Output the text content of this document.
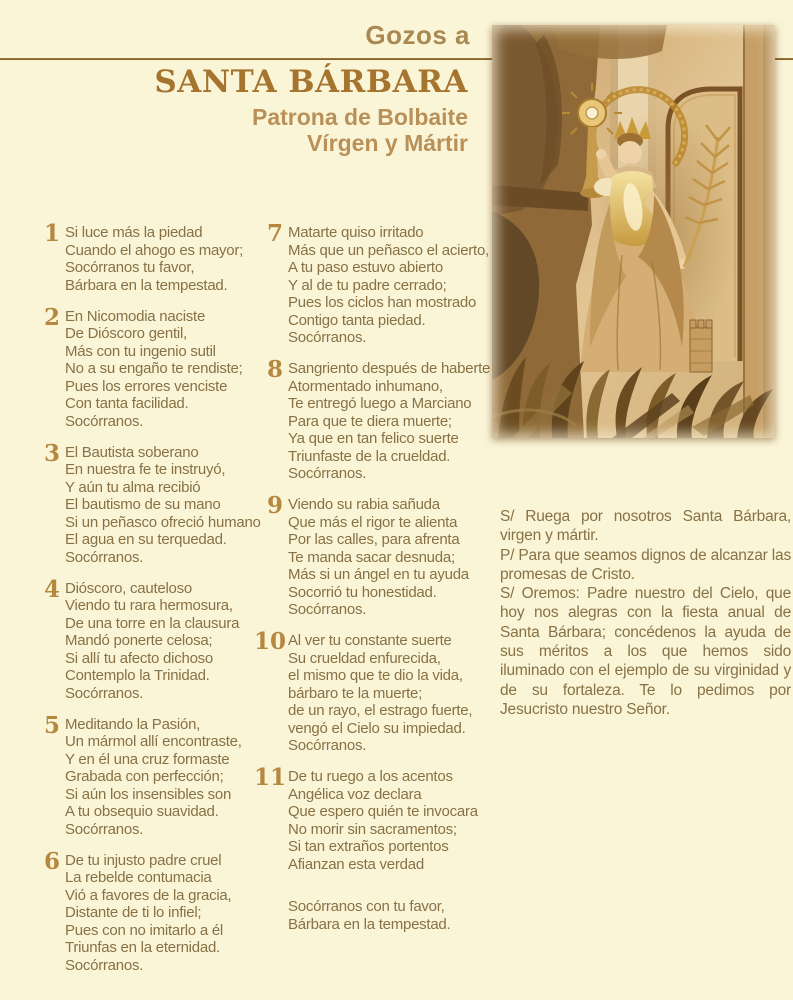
Gozos a
SANTA BÁRBARA
Patrona de Bolbaite
Vírgen y Mártir
1 Si luce más la piedad
Cuando el ahogo es mayor;
Socórranos tu favor,
Bárbara en la tempestad.
2 En Nicomodia naciste
De Dióscoro gentil,
Más con tu ingenio sutil
No a su engaño te rendiste;
Pues los errores venciste
Con tanta facilidad.
Socórranos.
3 El Bautista soberano
En nuestra fe te instruyó,
Y aún tu alma recibió
El bautismo de su mano
Si un peñasco ofreció humano
El agua en su terquedad.
Socórranos.
4 Dióscoro, cauteloso
Viendo tu rara hermosura,
De una torre en la clausura
Mandó ponerte celosa;
Si allí tu afecto dichoso
Contemplo la Trinidad.
Socórranos.
5 Meditando la Pasión,
Un mármol allí encontraste,
Y en él una cruz formaste
Grabada con perfección;
Si aún los insensibles son
A tu obsequio suavidad.
Socórranos.
6 De tu injusto padre cruel
La rebelde contumacia
Vió a favores de la gracia,
Distante de ti lo infiel;
Pues con no imitarlo a él
Triunfas en la eternidad.
Socórranos.
7 Matarte quiso irritado
Más que un peñasco el acierto,
A tu paso estuvo abierto
Y al de tu padre cerrado;
Pues los ciclos han mostrado
Contigo tanta piedad.
Socórranos.
8 Sangriento después de haberte
Atormentado inhumano,
Te entregó luego a Marciano
Para que te diera muerte;
Ya que en tan felico suerte
Triunfaste de la crueldad.
Socórranos.
9 Viendo su rabia sañuda
Que más el rigor te alienta
Por las calles, para afrenta
Te manda sacar desnuda;
Más si un ángel en tu ayuda
Socorrió tu honestidad.
Socórranos.
10 Al ver tu constante suerte
Su crueldad enfurecida,
el mismo que te dio la vida,
bárbaro te la muerte;
de un rayo, el estrago fuerte,
vengó el Cielo su impiedad.
Socórranos.
11 De tu ruego a los acentos
Angélica voz declara
Que espero quién te invocara
No morir sin sacramentos;
Si tan extraños portentos
Afianzan esta verdad
Socórranos con tu favor,
Bárbara en la tempestad.

S/ Ruega por nosotros Santa Bárbara, virgen y mártir.

P/ Para que seamos dignos de alcanzar las promesas de Cristo.

S/ Oremos: Padre nuestro del Cielo, que hoy nos alegras con la fiesta anual de Santa Bárbara; concédenos la ayuda de sus méritos a los que hemos sido iluminado con el ejemplo de su virginidad y de su fortaleza. Te lo pedimos por Jesucristo nuestro Señor.
